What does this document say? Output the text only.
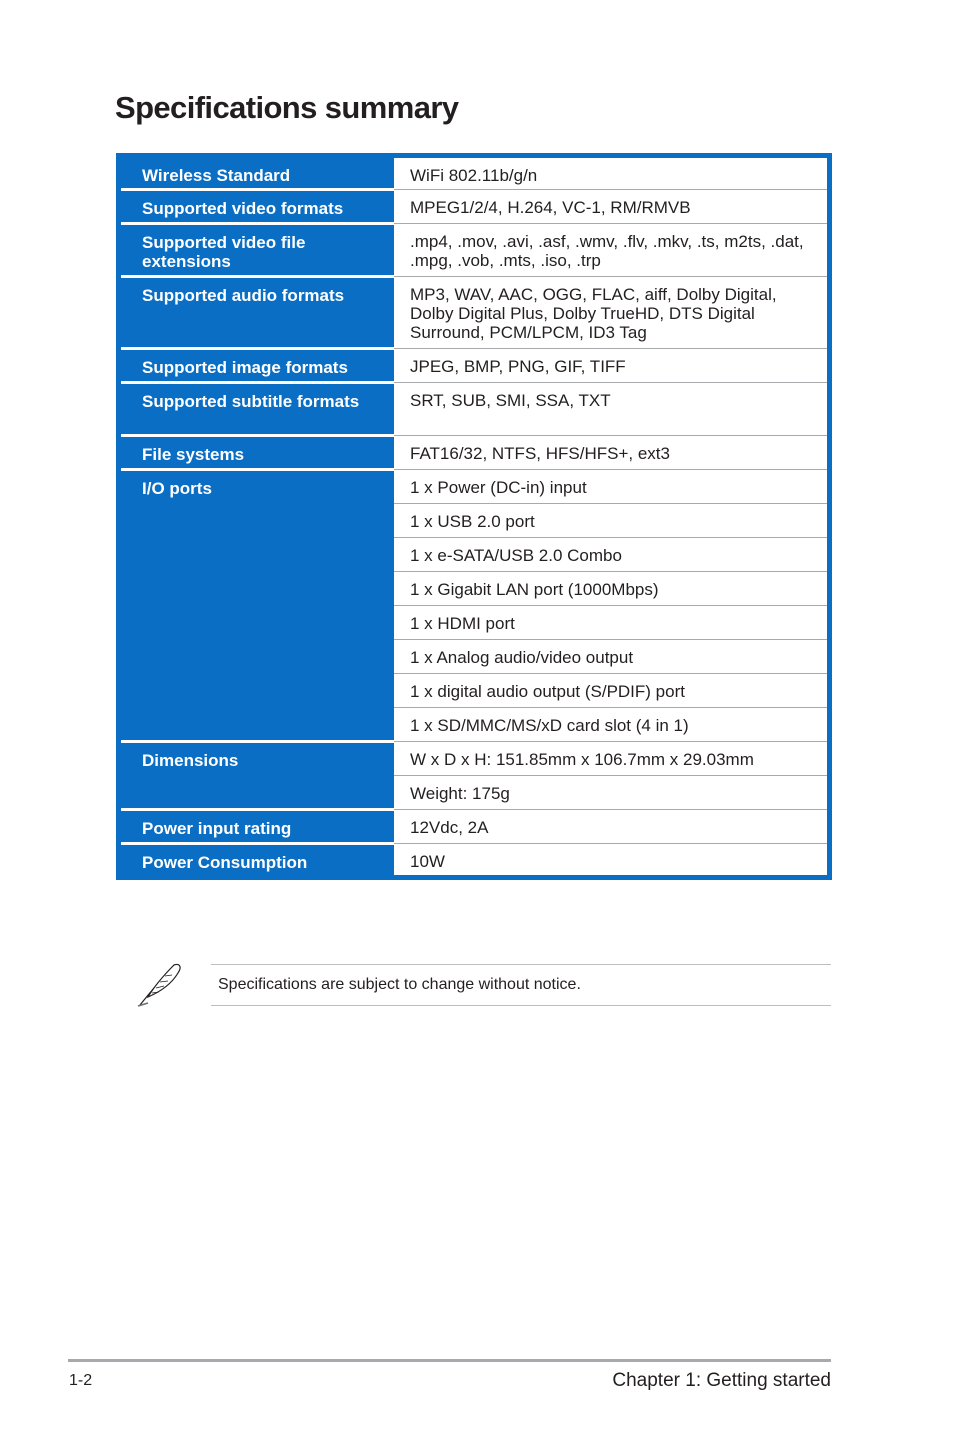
Specifications summary
Wireless Standard	WiFi 802.11b/g/n
Supported video formats	MPEG1/2/4, H.264, VC-1, RM/RMVB
Supported video file extensions	.mp4, .mov, .avi, .asf, .wmv, .flv, .mkv, .ts, m2ts, .dat, .mpg, .vob, .mts, .iso, .trp
Supported audio formats	MP3, WAV, AAC, OGG, FLAC, aiff, Dolby Digital, Dolby Digital Plus, Dolby TrueHD, DTS Digital Surround, PCM/LPCM, ID3 Tag
Supported image formats	JPEG, BMP, PNG, GIF, TIFF
Supported subtitle formats	SRT, SUB, SMI, SSA, TXT
File systems	FAT16/32, NTFS, HFS/HFS+, ext3
I/O ports	1 x Power (DC-in) input
	1 x USB 2.0 port
	1 x e-SATA/USB 2.0 Combo
	1 x Gigabit LAN port (1000Mbps)
	1 x HDMI port
	1 x Analog audio/video output
	1 x digital audio output (S/PDIF) port
	1 x SD/MMC/MS/xD card slot (4 in 1)
Dimensions	W x D x H: 151.85mm x 106.7mm x 29.03mm
	Weight: 175g
Power input rating	12Vdc, 2A
Power Consumption	10W
Specifications are subject to change without notice.
1-2	Chapter 1: Getting started
